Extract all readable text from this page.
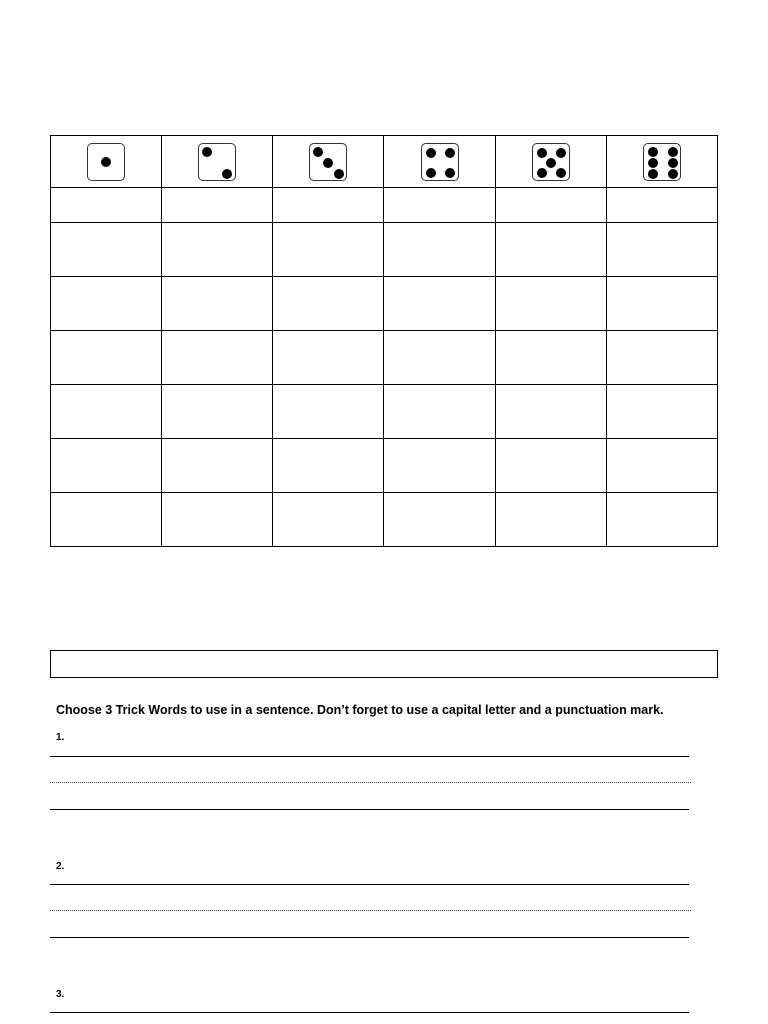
Choose 3 Trick Words to use in a sentence. Don’t forget to use a capital letter and a punctuation mark.
1.
2.
3.
